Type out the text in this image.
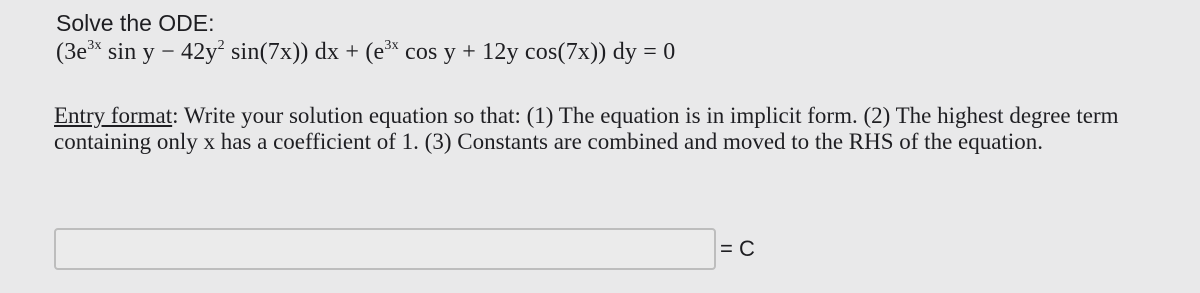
Solve the ODE:
($3e^{3x}$ $\sin y - 42y^2$ sin(7x)) dx + ($e^{3x}$ cos y + 12y cos(7x)) dy = 0
Entry format: Write your solution equation so that: (1) The equation is in implicit form. (2) The highest degree term containing only x has a coefficient of 1. (3) Constants are combined and moved to the RHS of the equation.
= C
